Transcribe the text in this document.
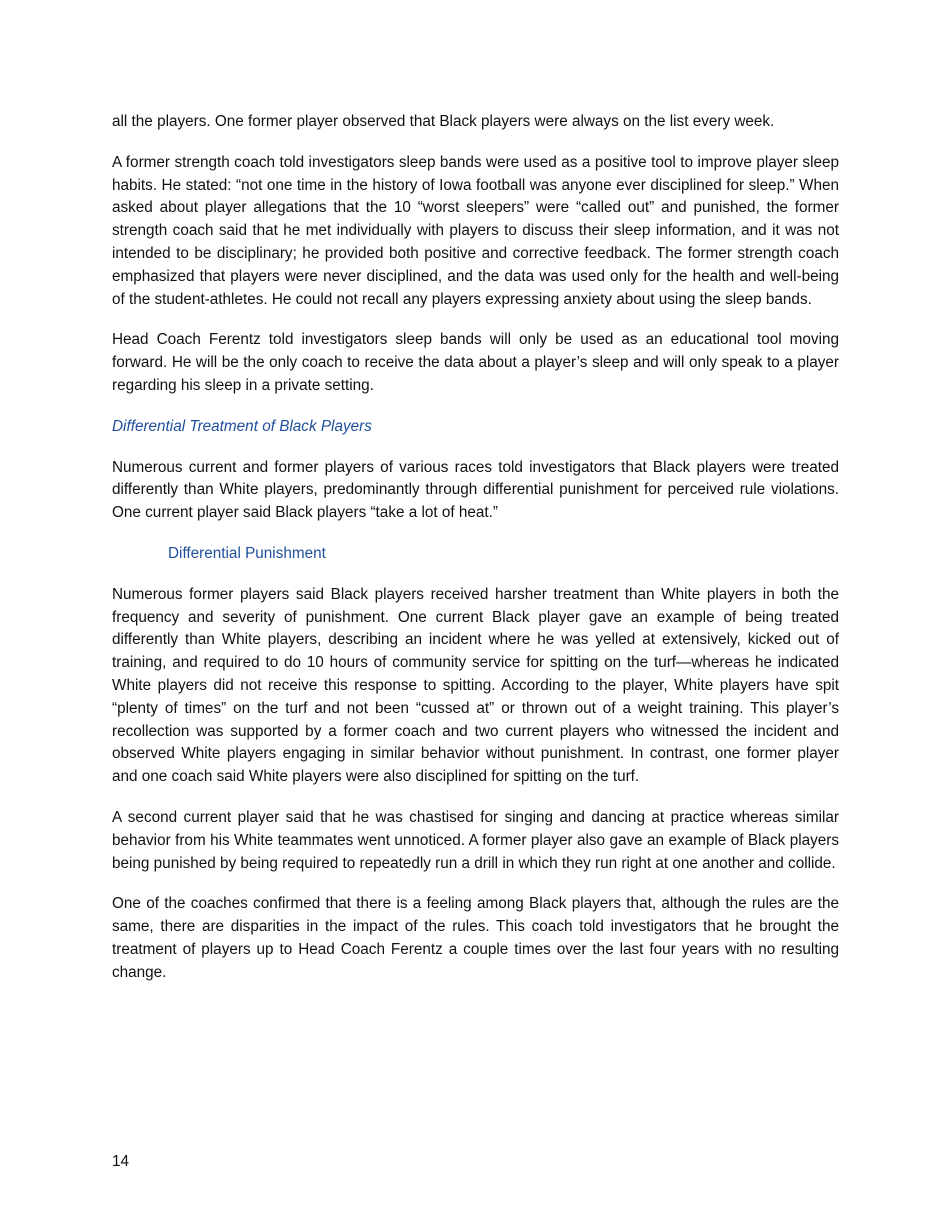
all the players. One former player observed that Black players were always on the list every week.

A former strength coach told investigators sleep bands were used as a positive tool to improve player sleep habits. He stated: “not one time in the history of Iowa football was anyone ever disciplined for sleep.” When asked about player allegations that the 10 “worst sleepers” were “called out” and punished, the former strength coach said that he met individually with players to discuss their sleep information, and it was not intended to be disciplinary; he provided both positive and corrective feedback. The former strength coach emphasized that players were never disciplined, and the data was used only for the health and well-being of the student-athletes. He could not recall any players expressing anxiety about using the sleep bands.

Head Coach Ferentz told investigators sleep bands will only be used as an educational tool moving forward. He will be the only coach to receive the data about a player’s sleep and will only speak to a player regarding his sleep in a private setting.

Differential Treatment of Black Players

Numerous current and former players of various races told investigators that Black players were treated differently than White players, predominantly through differential punishment for perceived rule violations. One current player said Black players “take a lot of heat.”

Differential Punishment

Numerous former players said Black players received harsher treatment than White players in both the frequency and severity of punishment. One current Black player gave an example of being treated differently than White players, describing an incident where he was yelled at extensively, kicked out of training, and required to do 10 hours of community service for spitting on the turf—whereas he indicated White players did not receive this response to spitting. According to the player, White players have spit “plenty of times” on the turf and not been “cussed at” or thrown out of a weight training. This player’s recollection was supported by a former coach and two current players who witnessed the incident and observed White players engaging in similar behavior without punishment. In contrast, one former player and one coach said White players were also disciplined for spitting on the turf.

A second current player said that he was chastised for singing and dancing at practice whereas similar behavior from his White teammates went unnoticed. A former player also gave an example of Black players being punished by being required to repeatedly run a drill in which they run right at one another and collide.

One of the coaches confirmed that there is a feeling among Black players that, although the rules are the same, there are disparities in the impact of the rules. This coach told investigators that he brought the treatment of players up to Head Coach Ferentz a couple times over the last four years with no resulting change.

14
